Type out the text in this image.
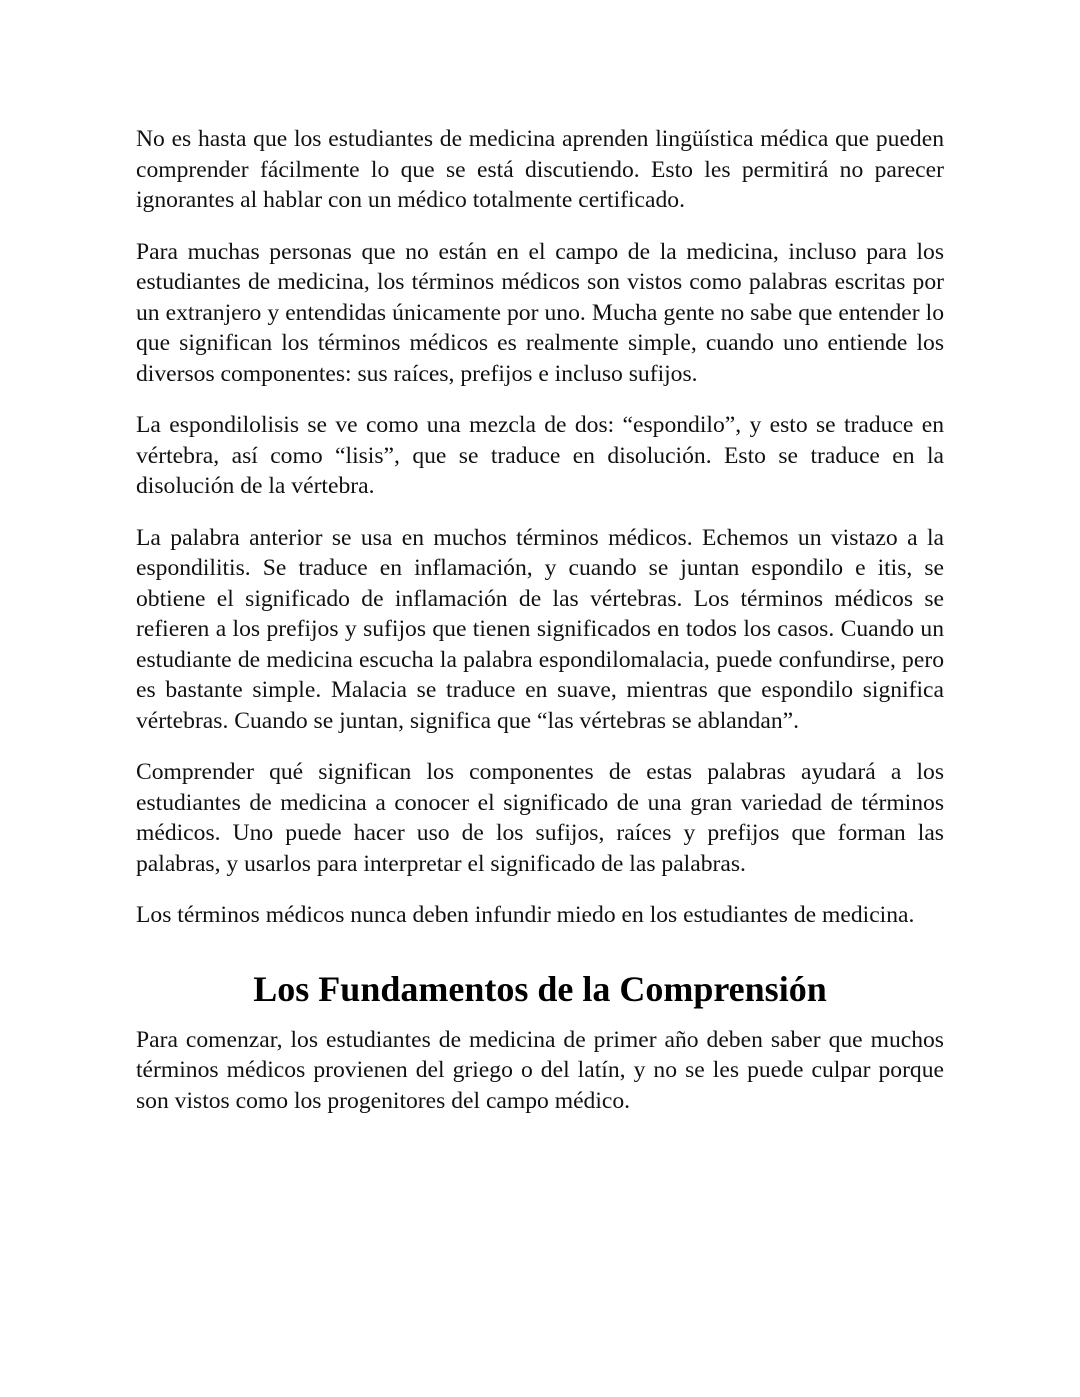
No es hasta que los estudiantes de medicina aprenden lingüística médica que pueden comprender fácilmente lo que se está discutiendo. Esto les permitirá no parecer ignorantes al hablar con un médico totalmente certificado.

Para muchas personas que no están en el campo de la medicina, incluso para los estudiantes de medicina, los términos médicos son vistos como palabras escritas por un extranjero y entendidas únicamente por uno. Mucha gente no sabe que entender lo que significan los términos médicos es realmente simple, cuando uno entiende los diversos componentes: sus raíces, prefijos e incluso sufijos.

La espondilolisis se ve como una mezcla de dos: “espondilo”, y esto se traduce en vértebra, así como “lisis”, que se traduce en disolución. Esto se traduce en la disolución de la vértebra.

La palabra anterior se usa en muchos términos médicos. Echemos un vistazo a la espondilitis. Se traduce en inflamación, y cuando se juntan espondilo e itis, se obtiene el significado de inflamación de las vértebras. Los términos médicos se refieren a los prefijos y sufijos que tienen significados en todos los casos. Cuando un estudiante de medicina escucha la palabra espondilomalacia, puede confundirse, pero es bastante simple. Malacia se traduce en suave, mientras que espondilo significa vértebras. Cuando se juntan, significa que “las vértebras se ablandan”.

Comprender qué significan los componentes de estas palabras ayudará a los estudiantes de medicina a conocer el significado de una gran variedad de términos médicos. Uno puede hacer uso de los sufijos, raíces y prefijos que forman las palabras, y usarlos para interpretar el significado de las palabras.

Los términos médicos nunca deben infundir miedo en los estudiantes de medicina.

Los Fundamentos de la Comprensión

Para comenzar, los estudiantes de medicina de primer año deben saber que muchos términos médicos provienen del griego o del latín, y no se les puede culpar porque son vistos como los progenitores del campo médico.
